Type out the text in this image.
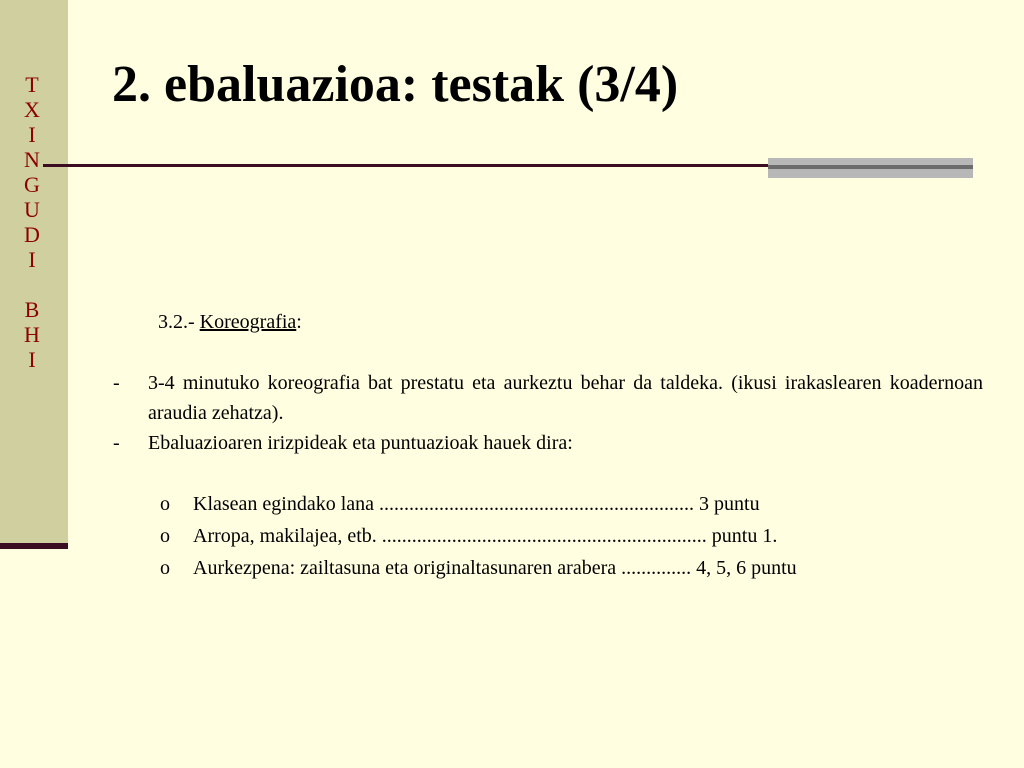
T
X
I
N
G
U
D
I
B
H
I
2. ebaluazioa: testak (3/4)
3.2.- Koreografia:
- 3-4 minutuko koreografia bat prestatu eta aurkeztu behar da taldeka. (ikusi irakaslearen koadernoan araudia zehatza).
- Ebaluazioaren irizpideak eta puntuazioak hauek dira:
o Klasean egindako lana ............................................................... 3 puntu
o Arropa, makilajea, etb. ................................................................. puntu 1.
o Aurkezpena: zailtasuna eta originaltasunaren arabera .............. 4, 5, 6 puntu
